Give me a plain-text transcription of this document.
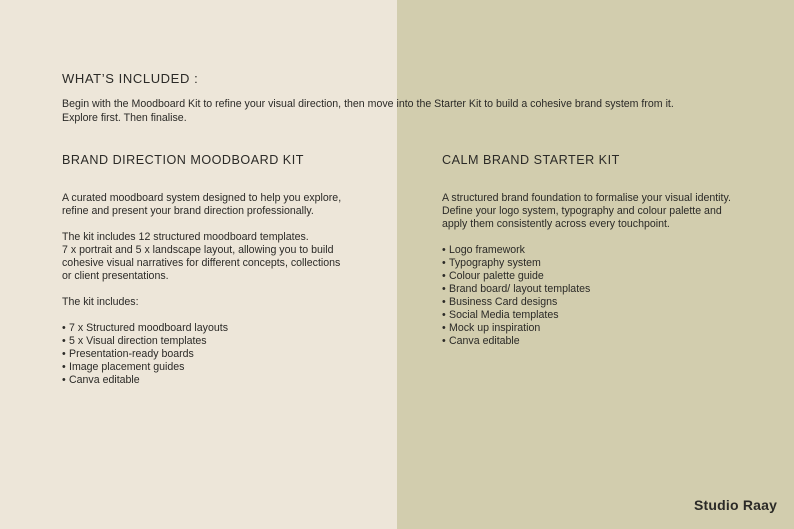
WHAT’S INCLUDED :

Begin with the Moodboard Kit to refine your visual direction, then move into the Starter Kit to build a cohesive brand system from it.
Explore first. Then finalise.

BRAND DIRECTION MOODBOARD KIT

A curated moodboard system designed to help you explore,
refine and present your brand direction professionally.

The kit includes 12 structured moodboard templates.
7 x portrait and 5 x landscape layout, allowing you to build
cohesive visual narratives for different concepts, collections
or client presentations.

The kit includes:

• 7 x Structured moodboard layouts
• 5 x Visual direction templates
• Presentation-ready boards
• Image placement guides
• Canva editable
CALM BRAND STARTER KIT

A structured brand foundation to formalise your visual identity.
Define your logo system, typography and colour palette and
apply them consistently across every touchpoint.

• Logo framework
• Typography system
• Colour palette guide
• Brand board/ layout templates
• Business Card designs
• Social Media templates
• Mock up inspiration
• Canva editable
Studio Raay
